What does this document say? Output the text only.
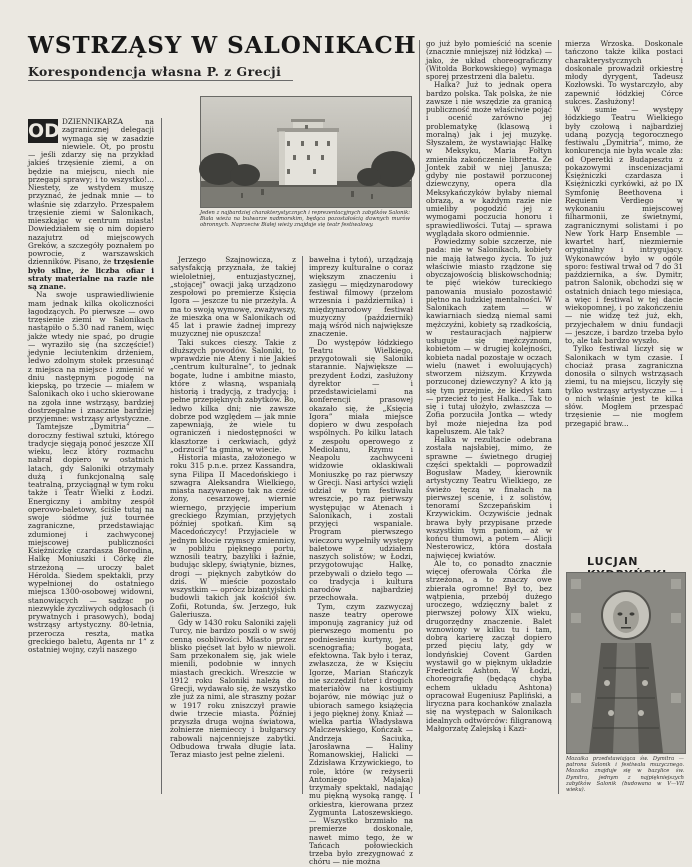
WSTRZĄSY W SALONIKACH
Korespondencja własna P. z Grecji
Jeden z najbardziej charakterystycznych i reprezentacyjnych zabytków Salonik: Biała wieża na bulwarze nadmorskim, będąca pozostałością dawnych murów obronnych. Naprzeciw Białej wieży znajduje się teatr festiwalowy.

OD DZIENNIKARZA na zagranicznej delegacji wymaga się w zasadzie niewiele. Ot, po prostu — jeśli zdarzy się na przykład jakieś trzęsienie ziemi, a on będzie na miejscu, niech nie przegapi sprawy; i to wszystko!... Niestety, ze wstydem muszę przyznać, że jednak mnie — to właśnie się zdarzyło. Przespałem trzęsienie ziemi w Salonikach, mieszkając w centrum miasta! Dowiedziałem się o nim dopiero nazajutrz od miejscowych Greków, a szczegóły poznałem po powrocie, z warszawskich dzienników. Pisano, że trzęsienie było silne, że liczba ofiar i straty materialne na razie nie są znane.

Na swoje usprawiedliwienie mam jednak kilka okoliczności łagodzących. Po pierwsze — owo trzęsienie ziemi w Salonikach nastąpiło o 5.30 nad ranem, więc jakże wtedy nie spać, po drugie — wyraziło się (na szczęście!) jedynie leciutenkim drżeniem, ledwo zdolnym stołek przesunąć z miejsca na miejsce i zmienić w dniu następnym pogodę na kiepską, po trzecie — miałem w Salonikach oko i ucho skierowane na zgoła inne wstrząsy, bardziej dostrzegalne i znacznie bardziej przyjemne: wstrząsy artystyczne.

Tamtejsze „Dymitria” — doroczny festiwal sztuki, którego tradycje sięgają ponoć jeszcze XII wieku, lecz który rozmachu nabrał dopiero w ostatnich latach, gdy Saloniki otrzymały dużą i funkcjonalną salę teatralną, przyciągnął w tym roku także i Teatr Wielki z Łodzi. Energiczny i ambitny zespół operowo-baletowy, ściśle tutaj na swoje siódme już tournée zagraniczne, przedstawiając zdumionej i zachwyconej miejscowej publiczności Księżniczkę czardasza Borodina, Halkę Moniuszki i Córkę źle strzeżoną — uroczy balet Hérolda. Siedem spektakli, przy wypełnionej do ostatniego miejsca 1300-osobowej widowni, stanowiących — sądząc po niezwykle życzliwych odgłosach (i prywatnych i prasowych), bodaj wstrząsy artystyczny. 80-letnia, przerocza reszta, matka greckiego baletu, Agenta nr 1” z ostatniej wojny, czyli naszego

Jerzego Szajnowicza, z satysfakcją przyznała, że takiej wieloletniej, entuzjastycznej, „stojącej” owacji jaką urządzono zespołowi po premierze Księcia Igora — jeszcze tu nie przeżyła. A ma to swoją wymowę, zważywszy, że mieszka ona w Salonikach od 45 lat i prawie żadnej imprezy muzycznej nie opuszcza!

Taki sukces cieszy. Takie z dłuższych powodów. Saloniki, to wprawdzie nie Ateny i nie Jakieś „centrum kulturalne”, to jednak bogate, ludne i ambitne miasto, które z własną, wspaniałą historią i tradycją, z tradycją; i pełne przepięknych zabytków. Bo, ledwo kilka dni; nie zawsze dobrze pod względem — jak mnie zapewniają, że wiele tu ograniczeń i niedostępności w klasztorze i cerkwiach, gdyż „odrzucił” ta gmina, w wiecie.

Historia miasta, założonego w roku 315 p.n.e. przez Kassandra, syna Filipa II Macedońskiego i szwagra Aleksandra Wielkiego, miasta nazywanego tak na cześć żony, cesarzowej, wiernie wiernego, przyjęcie imperium greckiego Rzymian, przyjętych później spotkań. Kim są Macedończycy! Przyjaciele w jednym kłocie rzymscy zmiennicy, w pobliżu pięknego portu, wznosili teatry, bazyliki i łaźnie, budując sklepy, świątynie, biznes, drogi — pięknych zabytków do dziś. W mieście pozostało wszystkim — oprócz bizantyjskich budowli takich jak kościół św. Zofii, Rotunda, św. Jerzego, łuk Galeriusza.

Gdy w 1430 roku Saloniki zajęli Turcy, nie bardzo poszli o w swój cenną osobliwości. Miasto przez blisko pięćset lat było w niewoli. Sam przekonałem się, jak wiele mienili, podobnie w innych miastach greckich. Wreszcie w 1912 roku Saloniki należą do Grecji, wydawało się, że wszystko złe już za nimi, ale straszny pożar w 1917 roku zniszczył prawie dwie trzecie miasta. Później przyszła druga wojna światowa, żołnierze niemieccy i bułgarscy rabowali najcenniejsze zabytki. Odbudowa trwała długie lata. Teraz miasto jest pełne zieleni.

bawełna i tytoń), urządzają imprezy kulturalne o coraz większym znaczeniu i zasięgu — międzynarodowy festiwał filmowy (przełom wrzesnia i października) i międzynarodowy festiwał muzyczny (październik) mają wśród nich największe znaczenie.

Do występów łódzkiego Teatru Wielkiego, przygotowali się Saloniki starannie. Największe — prezydent Łodzi, zasłużony dyrektor — i przedstawicielami na konferencji prasowej okazało się, że „Księcia Igora” miała miejsce dopiero w dwu zespołach wspólnych. Po kilku latach z zespołu operowego z Mediolanu, Rzymu i Neapolu zachwyceni widzowie oklaskiwali Moniuszkę po raz pierwszy w Grecji. Nasi artyści wzięli udział w tym festiwalu wreszcie, po raz pierwszy występując w Atenach i Salonikach, i zostali przyjęci wspaniale. Program pierwszego wieczoru wypełniły występy baletowe z udziałem naszych solistów; w Łodzi, przygotowując Halkę, przebywali o dzieło tego — co tradycja i kultura narodów najbardziej przechowała.

Tym, czym zazwyczaj nasze teatry operowe imponują zagranicy już od pierwszego momentu po podniesieniu kurtyny, jest scenografia; bogata, efektowna. Tak było i teraz, zwłaszcza, że w Księciu Igorze, Marian Stańczyk nie szczędził futer i drogich materiałów na kostiumy bojarów, nie mówiąc już o ubiorach samego książęcia i jego pięknej żony. Kniaź — wielka partia Władysława Malczewskiego, Kończak — Andrzeja Saciuka, Jarosławna — Haliny Romanowskiej, Halicki — Zdzisława Krzywickiego, to role, które (w reżyserii Antoniego Majaka) trzymały spektakl, nadając mu piękną wysoką rangę. I orkiestra, kierowana przez Zygmunta Latoszewskiego.— Wszystko brzmiało na premierze doskonale, nawet mimo tego, że w Tańcach połowieckich trzeba było zrezygnować z chóru — nie można

go już było pomieścić na scenie (znacznie mniejszej niż łódzka) — jako, że układ choreograficzny (Witolda Borkowskiego) wymaga sporej przestrzeni dla baletu.

Halka? Już to jednak opera bardzo polska. Tak polska, że nie zawsze i nie wszędzie za granicą publiczność może właściwie pojąć i ocenić zarówno jej problematykę (klasową i moralną) jak i jej muzykę. Słyszałem, że wystawiając Halkę w Meksyku, Maria Fołtyn zmieniła zakończenie libretta. Że Jontek zabił w niej Janusza; gdyby nie postawił porzuconej dziewczyny, opera dla Meksykańczyków byłaby niemal obrazą, a w każdym razie nie umieliby pogodzić jej z wymogami poczucia honoru i sprawiedliwości. Tutaj — sprawa wyglądała skoro odmiennie.

Powiedzmy sobie szczerze, nie pada: nie w Salonikach, kobiety nie mają łatwego życia. To już właściwie miasto rządzone się obyczajowością bliskowschodnią; te pięć wieków tureckiego panowania musiało pozostawić piętno na ludzkiej mentalności. W Salonikach zatem — w kawiarniach siedzą niemal sami mężczyźni, kobiety są rzadkością, w restauracjach najpierw usługuje się mężczyznom, kobietom — w drugiej kolejności, kobieta nadal pozostaje w oczach wielu (nawet i ewoluujących) stworzem niższym. Krzywda porzuconej dziewczyny? A kto ją się tym przejmie, że kiedyś tam — przecież to jest Halka... Tak to się i tutaj ułożyło, zwłaszcza — Zofia porzuciła Jontka — wtedy był może niejedna łza pod kapeluszem. Ale tak?

Halka w rezultacie odebrana została najsłabiej, mimo, że sprawne — świetnego drugiej części spektakli — poprowadził Bogusław Madey, kierownik artystyczny Teatru Wielkiego, ze świeżo tęczą w finałach na pierwszej scenie, i z solistów, tenorami Szczepańskim i Krzywickim. Oczywiście jednak brawa były przypisane przede wszystkim tym paniom, aż w końcu tłumowi, a potem — Alicji Nesterowicz, która dostała najwięcej kwiatów.

Ale to, co ponadto znacznie więcej oferowała Córka źle strzeżona, a to znaczy owe zbierała ogromne! Był to, bez wątpienia, przebój dużego uroczego, wdzięczny balet z pierwszej połowy XIX wieku, drugorzędny znaczenie. Balet wznowiony w kilku tu i tam, dobrą karierę zaczął dopiero przed pięciu laty, gdy w londyńskiej Covent Garden wystawił go w pięknym układzie Frederick Ashton. W Łodzi, choreografię (będącą chyba echem układu Ashtona) opracował Eugeniusz Papliński, a liryczna para kochanków znalazła się na występach w Salonikach idealnych odtwórców: filigranową Małgorzatę Zalejską i Kazi-

mierza Wrzoska. Doskonale tańczono także kilka postaci charakterystycznych i doskonale prowadził orkiestrę młody dyrygent, Tadeusz Kozłowski. To wystarczyło, aby zapewnić łódzkiej Córce sukces. Zasłużony!

W sumie — występy łódzkiego Teatru Wielkiego były czołową i najbardziej udaną pozycją tegorocznego festiwalu „Dymitria”, mimo, że konkurencja nie była wcale zła: od Operetki z Budapesztu z pokazowymi inscenizacjami Księżniczki czardasza i Księżniczki cyrkówki, aż po IX Symfonię Beethovena i Requiem Verdiego w wykonaniu miejscowej filharmonii, ze świetnymi, zagranicznymi solistami i po New York Harp Ensemble — kwartet harf, niezmiernie oryginalny i intrygujący. Wykonawców było w ogóle sporo: festiwal trwał od 7 do 31 października, a św. Dymitr, patron Salonik, obchodzi się w ostatnich dniach tego miesiąca, a więc i festiwal w tej dacie wiekopomnej, i po zakończeniu — nie widzę też już, ekh, przyjechałem w dniu fundacji — jeszcze, i bardzo trzeba było to, ale tak bardzo wyszło.

Tylko festiwal liczył się w Salonikach w tym czasie. I chociaż prasa zagraniczna donosiła o silnych wstrząsach ziemi, tu na miejscu, liczyły się tylko wstrząsy artystyczne — i o nich właśnie jest te kilka słów. Mogłem przespać trzęsienie — nie mogłem przegapić braw...

LUCJAN
Mozaika przedstawiająca św. Dymitra — patrona Salonik i festiwalu muzycznego. Mozaika znajduje się w bazylice św. Dymitra, jednym z najpiękniejszych zabytków Salonik (budowana w V—VII wieku).
